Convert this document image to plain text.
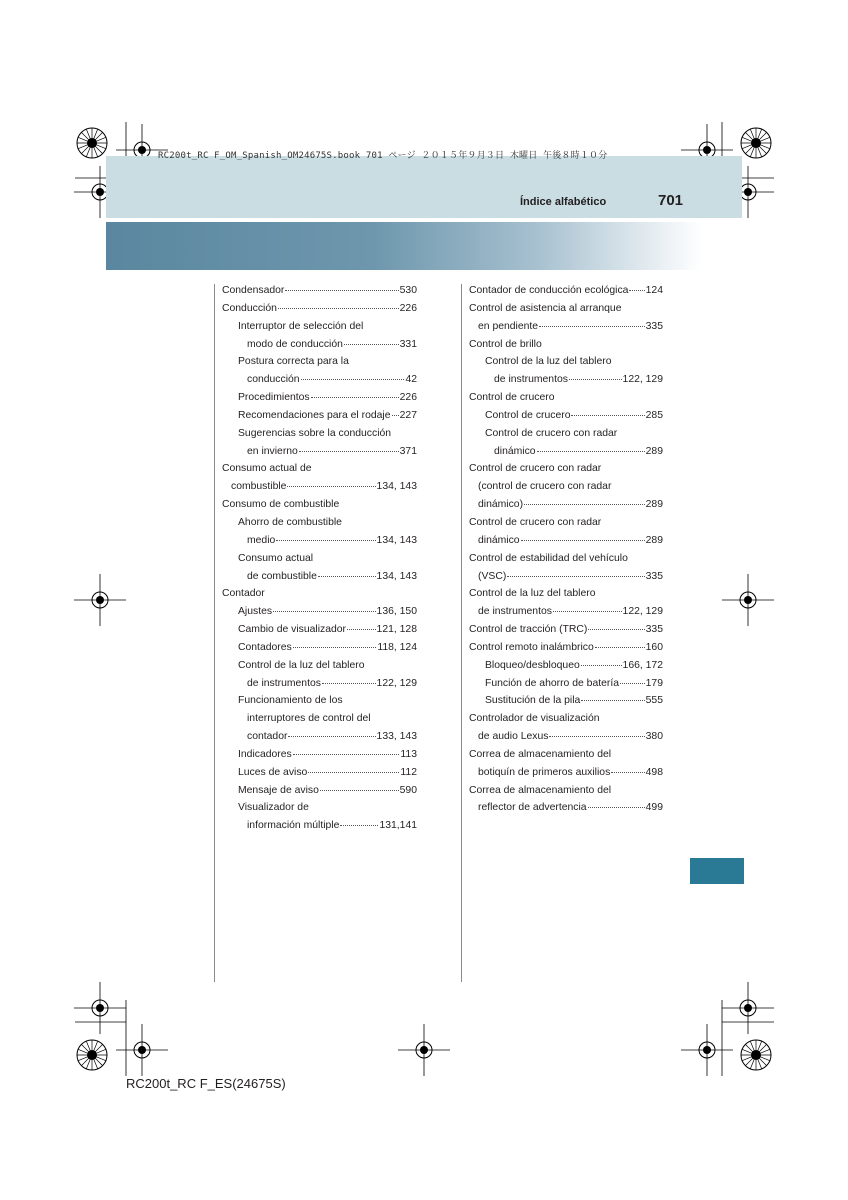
RC200t_RC F_OM_Spanish_OM24675S.book 701 ページ ２０１５年９月３日 木曜日 午後８時１０分
Índice alfabético	701
Condensador	530
Conducción	226
Interruptor de selección del
modo de conducción	331
Postura correcta para la
conducción	42
Procedimientos	226
Recomendaciones para el rodaje 227
Sugerencias sobre la conducción
en invierno	371
Consumo actual de
combustible	134, 143
Consumo de combustible
Ahorro de combustible
medio	134, 143
Consumo actual
de combustible	134, 143
Contador
Ajustes	136, 150
Cambio de visualizador	121, 128
Contadores	118, 124
Control de la luz del tablero
de instrumentos	122, 129
Funcionamiento de los
interruptores de control del
contador	133, 143
Indicadores	113
Luces de aviso	112
Mensaje de aviso	590
Visualizador de
información múltiple	131,141
Contador de conducción ecológica 124
Control de asistencia al arranque
en pendiente	335
Control de brillo
Control de la luz del tablero
de instrumentos	122, 129
Control de crucero
Control de crucero	285
Control de crucero con radar
dinámico	289
Control de crucero con radar
(control de crucero con radar
dinámico)	289
Control de crucero con radar
dinámico	289
Control de estabilidad del vehículo
(VSC)	335
Control de la luz del tablero
de instrumentos	122, 129
Control de tracción (TRC)	335
Control remoto inalámbrico	160
Bloqueo/desbloqueo	166, 172
Función de ahorro de batería	179
Sustitución de la pila	555
Controlador de visualización
de audio Lexus	380
Correa de almacenamiento del
botiquín de primeros auxilios	498
Correa de almacenamiento del
reflector de advertencia	499
RC200t_RC F_ES(24675S)
